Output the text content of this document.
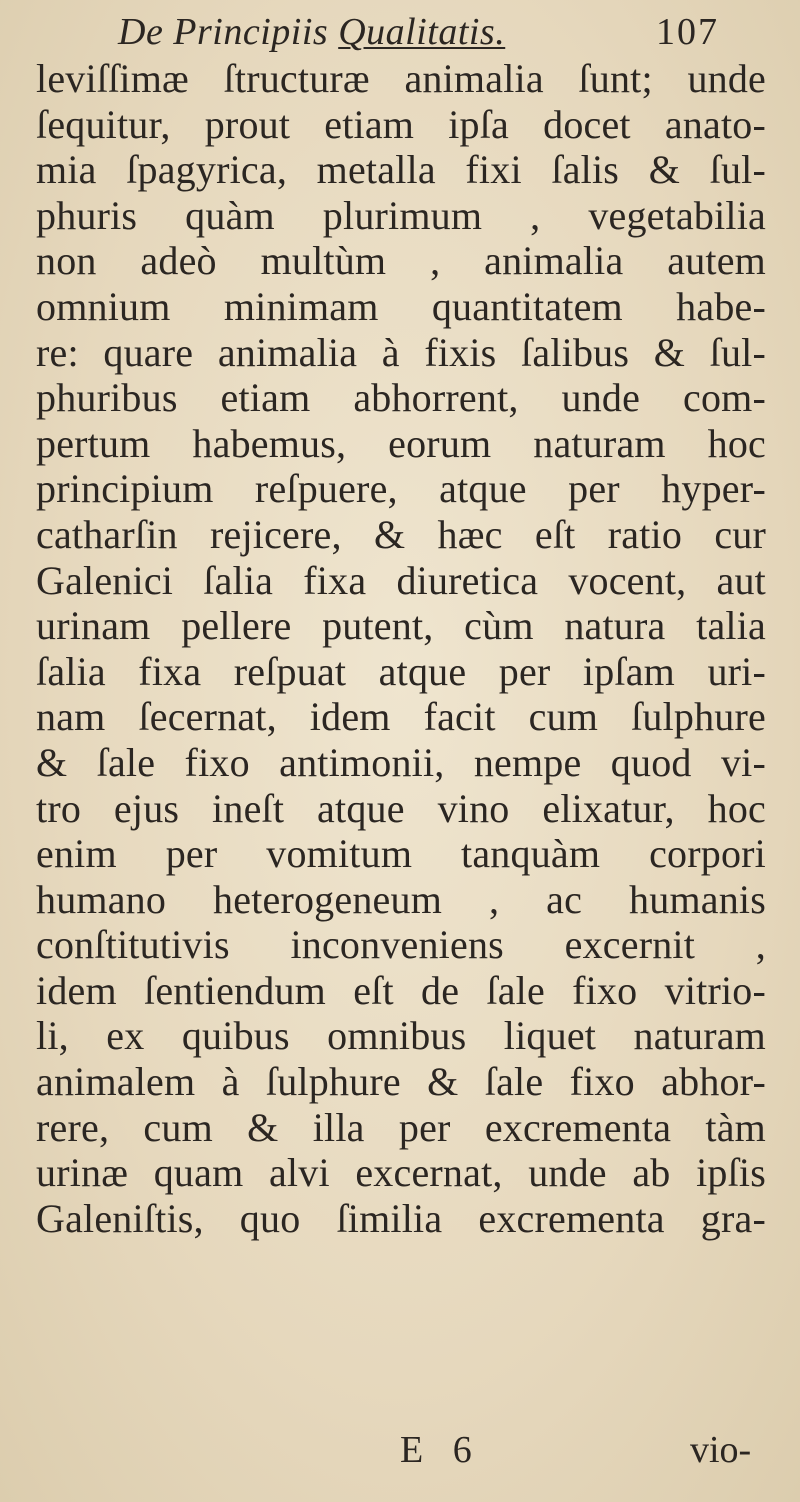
De Principiis Qualitatis.	107
leviſſimæ ſtructuræ animalia ſunt; unde
ſequitur, prout etiam ipſa docet anato-
mia ſpagyrica, metalla fixi ſalis & ſul-
phuris quàm plurimum , vegetabilia
non adeò multùm , animalia autem
omnium minimam quantitatem habe-
re: quare animalia à fixis ſalibus & ſul-
phuribus etiam abhorrent, unde com-
pertum habemus, eorum naturam hoc
principium reſpuere, atque per hyper-
catharſin rejicere, & hæc eſt ratio cur
Galenici ſalia fixa diuretica vocent, aut
urinam pellere putent, cùm natura talia
ſalia fixa reſpuat atque per ipſam uri-
nam ſecernat, idem facit cum ſulphure
& ſale fixo antimonii, nempe quod vi-
tro ejus ineſt atque vino elixatur, hoc
enim per vomitum tanquàm corpori
humano heterogeneum , ac humanis
conſtitutivis inconveniens excernit ,
idem ſentiendum eſt de ſale fixo vitrio-
li, ex quibus omnibus liquet naturam
animalem à ſulphure & ſale fixo abhor-
rere, cum & illa per excrementa tàm
urinæ quam alvi excernat, unde ab ipſis
Galeniſtis, quo ſimilia excrementa gra-
E 6	vio-
